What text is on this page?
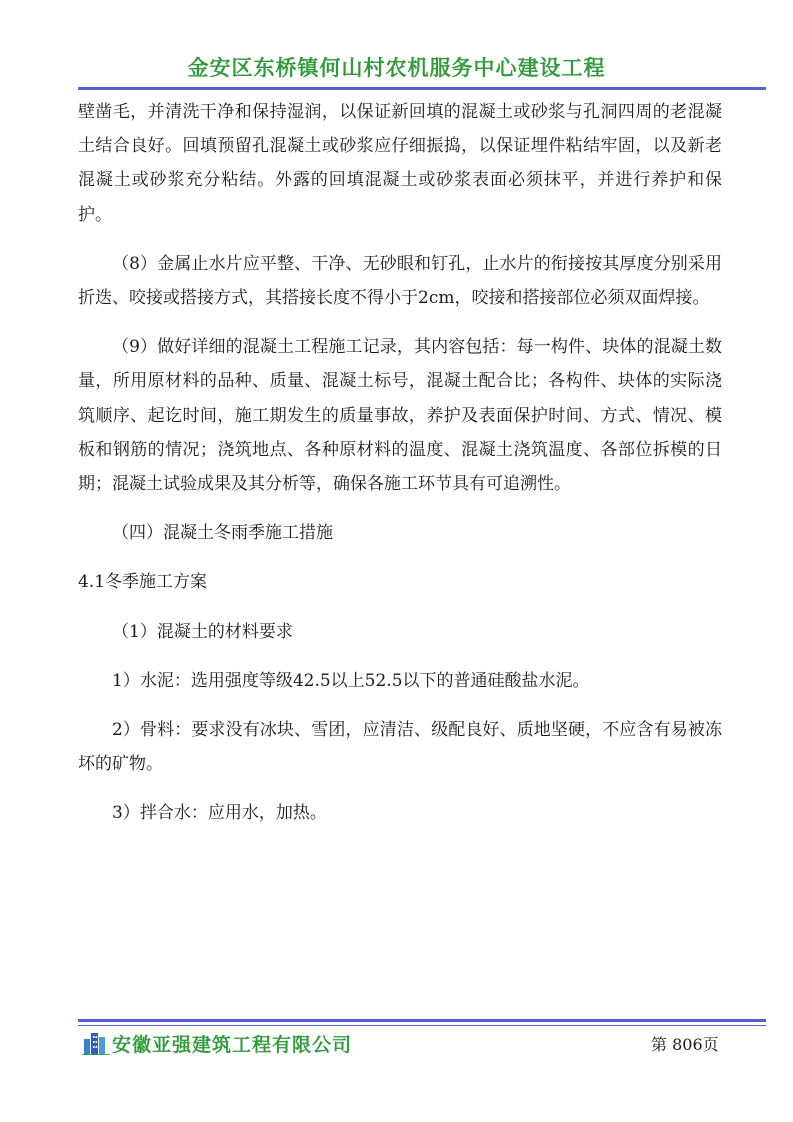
金安区东桥镇何山村农机服务中心建设工程

壁凿毛，并清洗干净和保持湿润，以保证新回填的混凝土或砂浆与孔洞四周的老混凝土结合良好。回填预留孔混凝土或砂浆应仔细振捣，以保证埋件粘结牢固，以及新老混凝土或砂浆充分粘结。外露的回填混凝土或砂浆表面必须抹平，并进行养护和保护。

（8）金属止水片应平整、干净、无砂眼和钉孔，止水片的衔接按其厚度分别采用折迭、咬接或搭接方式，其搭接长度不得小于2cm，咬接和搭接部位必须双面焊接。

（9）做好详细的混凝土工程施工记录，其内容包括：每一构件、块体的混凝土数量，所用原材料的品种、质量、混凝土标号，混凝土配合比；各构件、块体的实际浇筑顺序、起讫时间，施工期发生的质量事故，养护及表面保护时间、方式、情况、模板和钢筋的情况；浇筑地点、各种原材料的温度、混凝土浇筑温度、各部位拆模的日期；混凝土试验成果及其分析等，确保各施工环节具有可追溯性。

（四）混凝土冬雨季施工措施

4.1冬季施工方案

（1）混凝土的材料要求

1）水泥：选用强度等级42.5以上52.5以下的普通硅酸盐水泥。

2）骨料：要求没有冰块、雪团，应清洁、级配良好、质地坚硬，不应含有易被冻坏的矿物。

3）拌合水：应用水，加热。

安徽亚强建筑工程有限公司	第 806页
